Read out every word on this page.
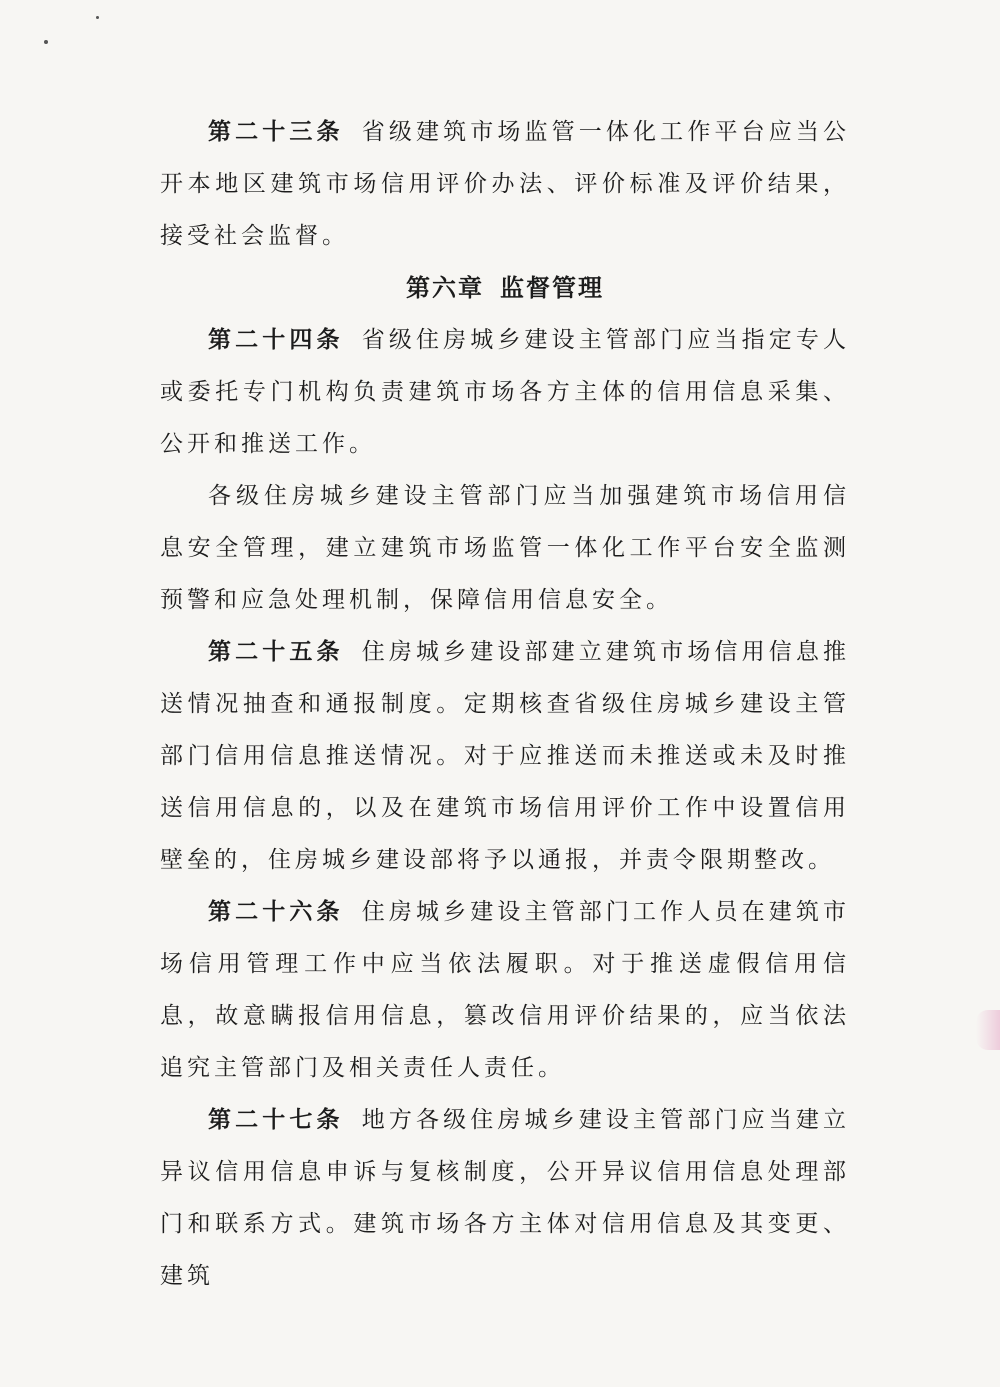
第二十三条 省级建筑市场监管一体化工作平台应当公开本地区建筑市场信用评价办法、评价标准及评价结果，接受社会监督。

第六章 监督管理

第二十四条 省级住房城乡建设主管部门应当指定专人或委托专门机构负责建筑市场各方主体的信用信息采集、公开和推送工作。

各级住房城乡建设主管部门应当加强建筑市场信用信息安全管理，建立建筑市场监管一体化工作平台安全监测预警和应急处理机制，保障信用信息安全。

第二十五条 住房城乡建设部建立建筑市场信用信息推送情况抽查和通报制度。定期核查省级住房城乡建设主管部门信用信息推送情况。对于应推送而未推送或未及时推送信用信息的，以及在建筑市场信用评价工作中设置信用壁垒的，住房城乡建设部将予以通报，并责令限期整改。

第二十六条 住房城乡建设主管部门工作人员在建筑市场信用管理工作中应当依法履职。对于推送虚假信用信息，故意瞒报信用信息，篡改信用评价结果的，应当依法追究主管部门及相关责任人责任。

第二十七条 地方各级住房城乡建设主管部门应当建立异议信用信息申诉与复核制度，公开异议信用信息处理部门和联系方式。建筑市场各方主体对信用信息及其变更、建筑
